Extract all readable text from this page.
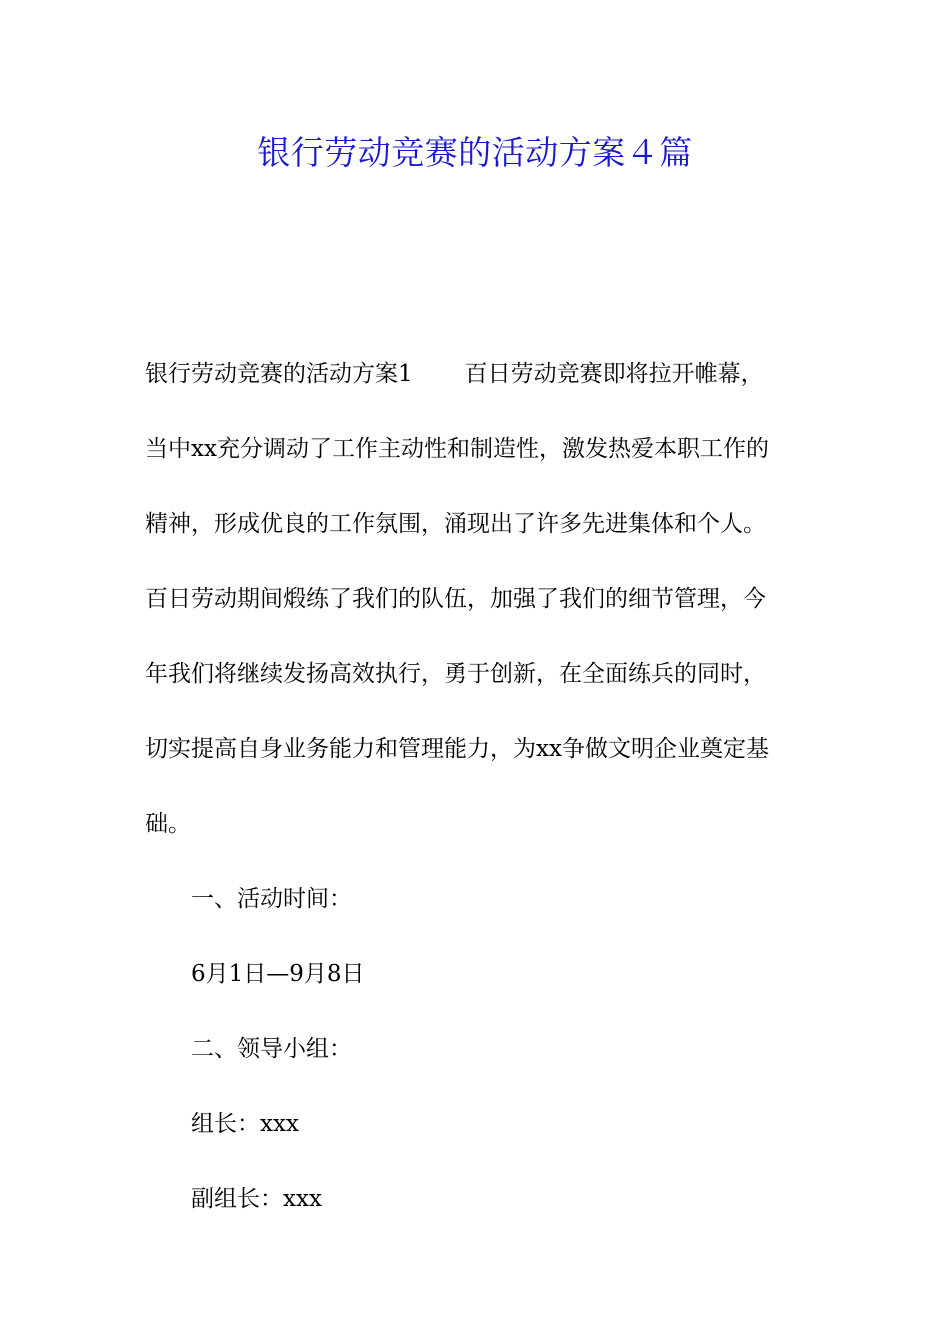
银行劳动竞赛的活动方案４篇
银行劳动竞赛的活动方案1 百日劳动竞赛即将拉开帷幕，
当中xx充分调动了工作主动性和制造性，激发热爱本职工作的
精神，形成优良的工作氛围，涌现出了许多先进集体和个人。
百日劳动期间煅练了我们的队伍，加强了我们的细节管理，今
年我们将继续发扬高效执行，勇于创新，在全面练兵的同时，
切实提高自身业务能力和管理能力，为xx争做文明企业奠定基
础。
一、活动时间：
6月1日—9月8日
二、领导小组：
组长：xxx
副组长：xxx
